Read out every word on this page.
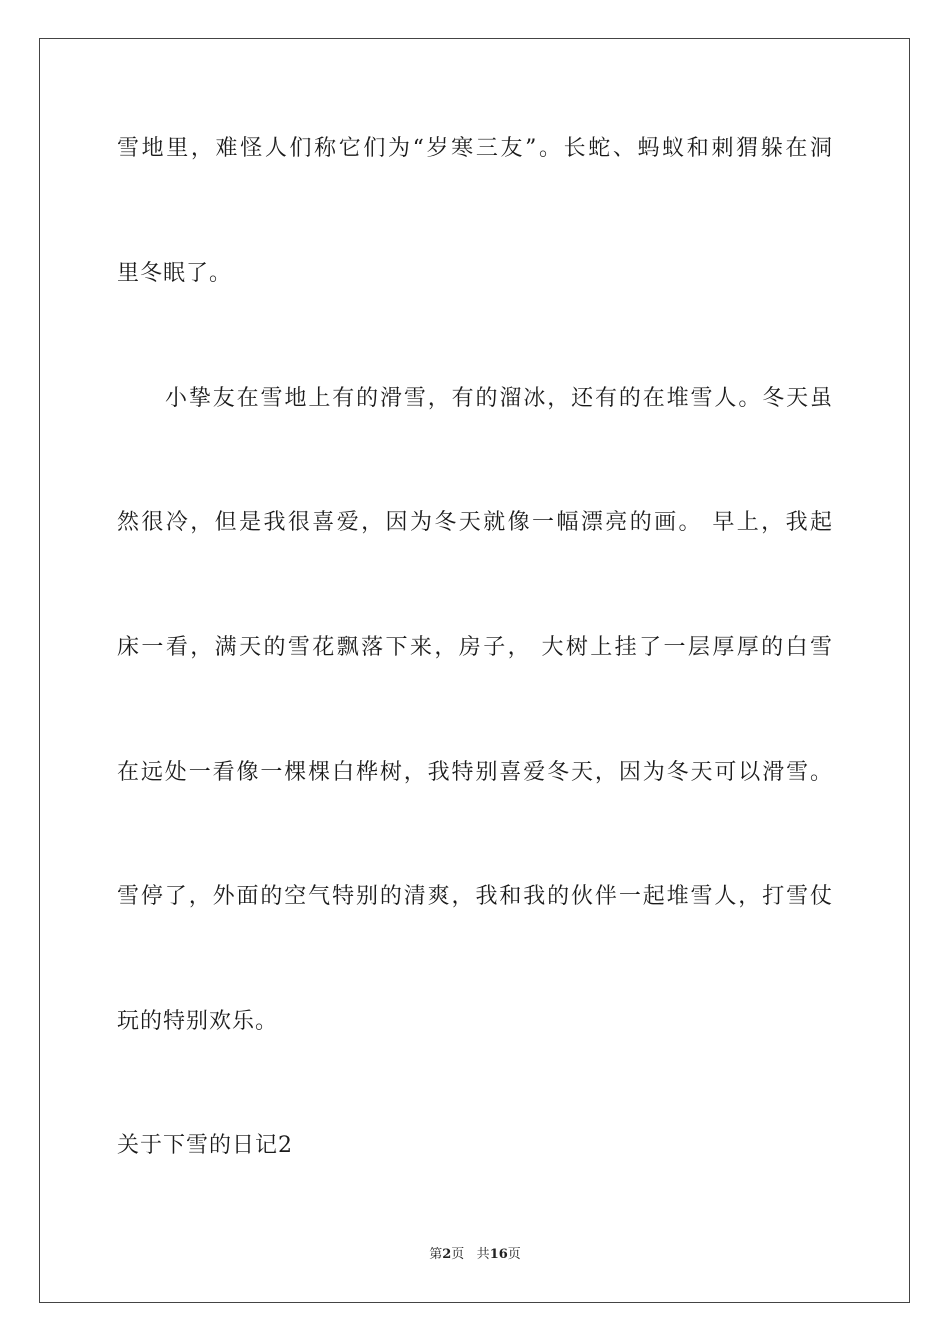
雪地里，难怪人们称它们为“岁寒三友”。长蛇、蚂蚁和刺猬躲在洞
里冬眠了。
小挚友在雪地上有的滑雪，有的溜冰，还有的在堆雪人。冬天虽
然很冷，但是我很喜爱，因为冬天就像一幅漂亮的画。 早上，我起
床一看，满天的雪花飘落下来，房子， 大树上挂了一层厚厚的白雪
在远处一看像一棵棵白桦树，我特别喜爱冬天，因为冬天可以滑雪。
雪停了，外面的空气特别的清爽，我和我的伙伴一起堆雪人，打雪仗
玩的特别欢乐。
关于下雪的日记2
第2页 共16页
